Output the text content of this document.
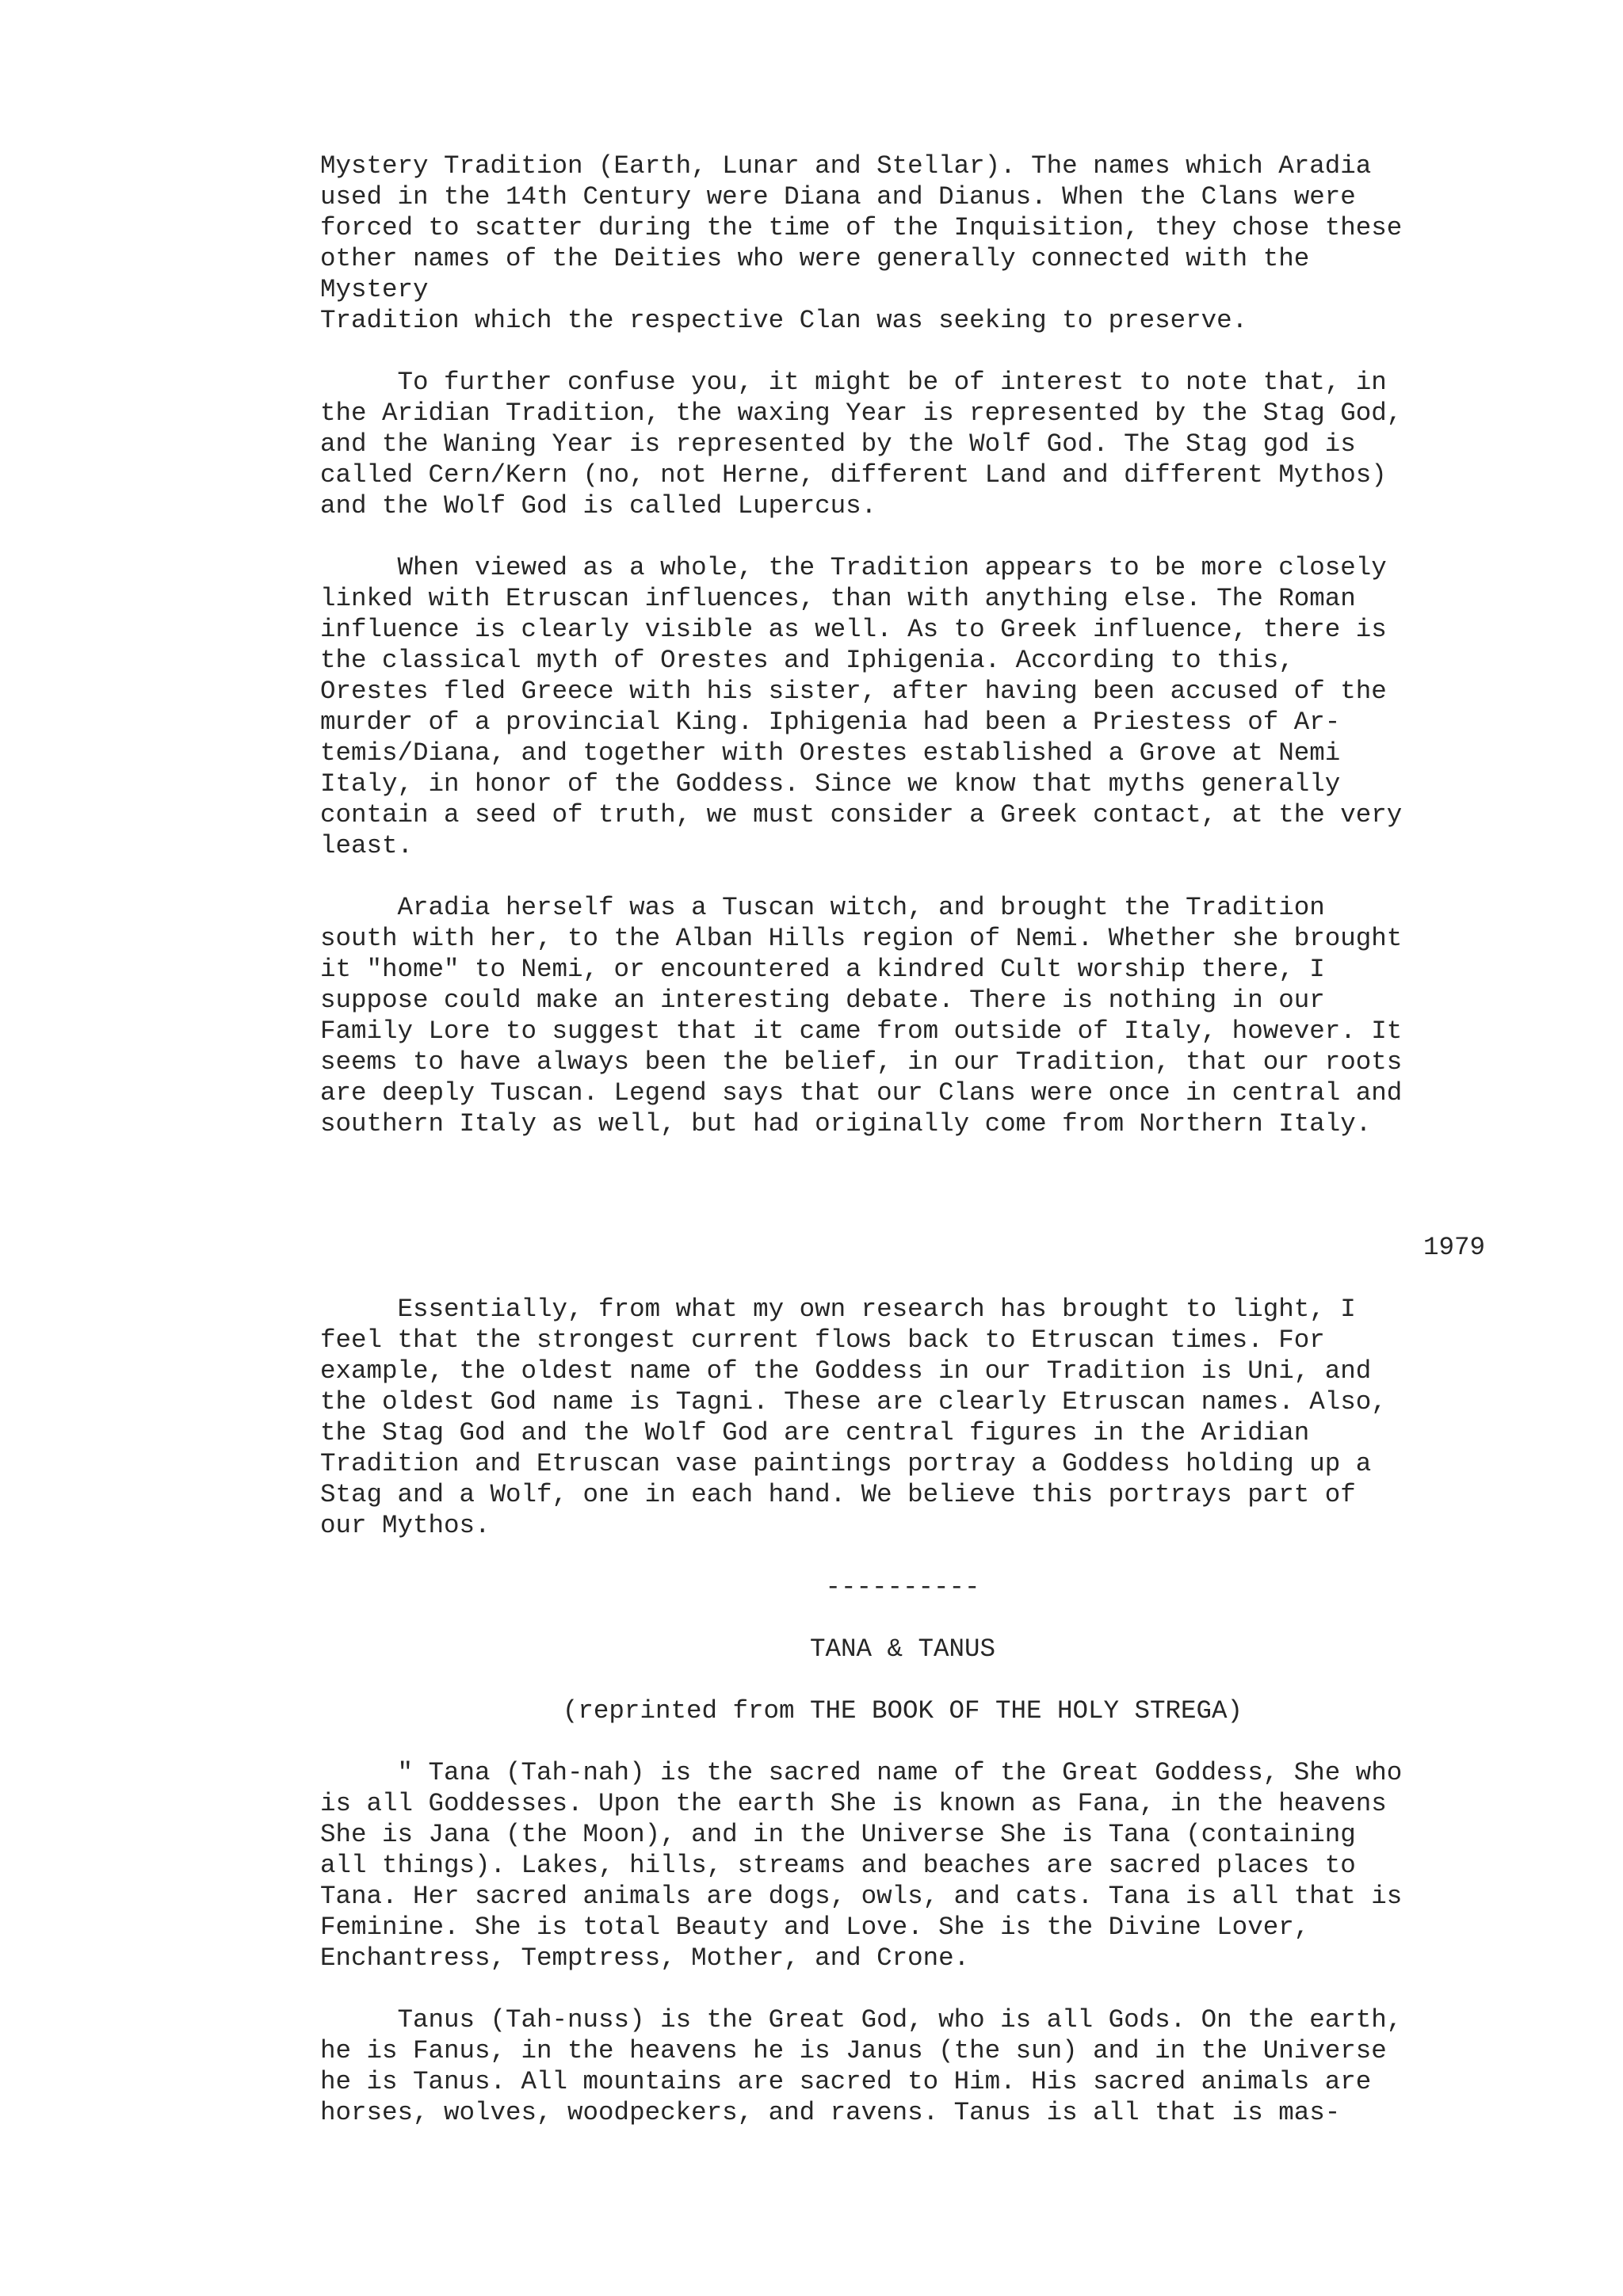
Mystery Tradition (Earth, Lunar and Stellar). The names which Aradia
used in the 14th Century were Diana and Dianus. When the Clans were
forced to scatter during the time of the Inquisition, they chose these
other names of the Deities who were generally connected with the
Mystery
Tradition which the respective Clan was seeking to preserve.
To further confuse you, it might be of interest to note that, in
the Aridian Tradition, the waxing Year is represented by the Stag God,
and the Waning Year is represented by the Wolf God. The Stag god is
called Cern/Kern (no, not Herne, different Land and different Mythos)
and the Wolf God is called Lupercus.
When viewed as a whole, the Tradition appears to be more closely
linked with Etruscan influences, than with anything else. The Roman
influence is clearly visible as well. As to Greek influence, there is
the classical myth of Orestes and Iphigenia. According to this,
Orestes fled Greece with his sister, after having been accused of the
murder of a provincial King. Iphigenia had been a Priestess of Ar-
temis/Diana, and together with Orestes established a Grove at Nemi
Italy, in honor of the Goddess. Since we know that myths generally
contain a seed of truth, we must consider a Greek contact, at the very
least.
Aradia herself was a Tuscan witch, and brought the Tradition
south with her, to the Alban Hills region of Nemi. Whether she brought
it "home" to Nemi, or encountered a kindred Cult worship there, I
suppose could make an interesting debate. There is nothing in our
Family Lore to suggest that it came from outside of Italy, however. It
seems to have always been the belief, in our Tradition, that our roots
are deeply Tuscan. Legend says that our Clans were once in central and
southern Italy as well, but had originally come from Northern Italy.
1979
Essentially, from what my own research has brought to light, I
feel that the strongest current flows back to Etruscan times. For
example, the oldest name of the Goddess in our Tradition is Uni, and
the oldest God name is Tagni. These are clearly Etruscan names. Also,
the Stag God and the Wolf God are central figures in the Aridian
Tradition and Etruscan vase paintings portray a Goddess holding up a
Stag and a Wolf, one in each hand. We believe this portrays part of
our Mythos.
----------
TANA & TANUS
(reprinted from THE BOOK OF THE HOLY STREGA)
" Tana (Tah-nah) is the sacred name of the Great Goddess, She who
is all Goddesses. Upon the earth She is known as Fana, in the heavens
She is Jana (the Moon), and in the Universe She is Tana (containing
all things). Lakes, hills, streams and beaches are sacred places to
Tana. Her sacred animals are dogs, owls, and cats. Tana is all that is
Feminine. She is total Beauty and Love. She is the Divine Lover,
Enchantress, Temptress, Mother, and Crone.
Tanus (Tah-nuss) is the Great God, who is all Gods. On the earth,
he is Fanus, in the heavens he is Janus (the sun) and in the Universe
he is Tanus. All mountains are sacred to Him. His sacred animals are
horses, wolves, woodpeckers, and ravens. Tanus is all that is mas-
